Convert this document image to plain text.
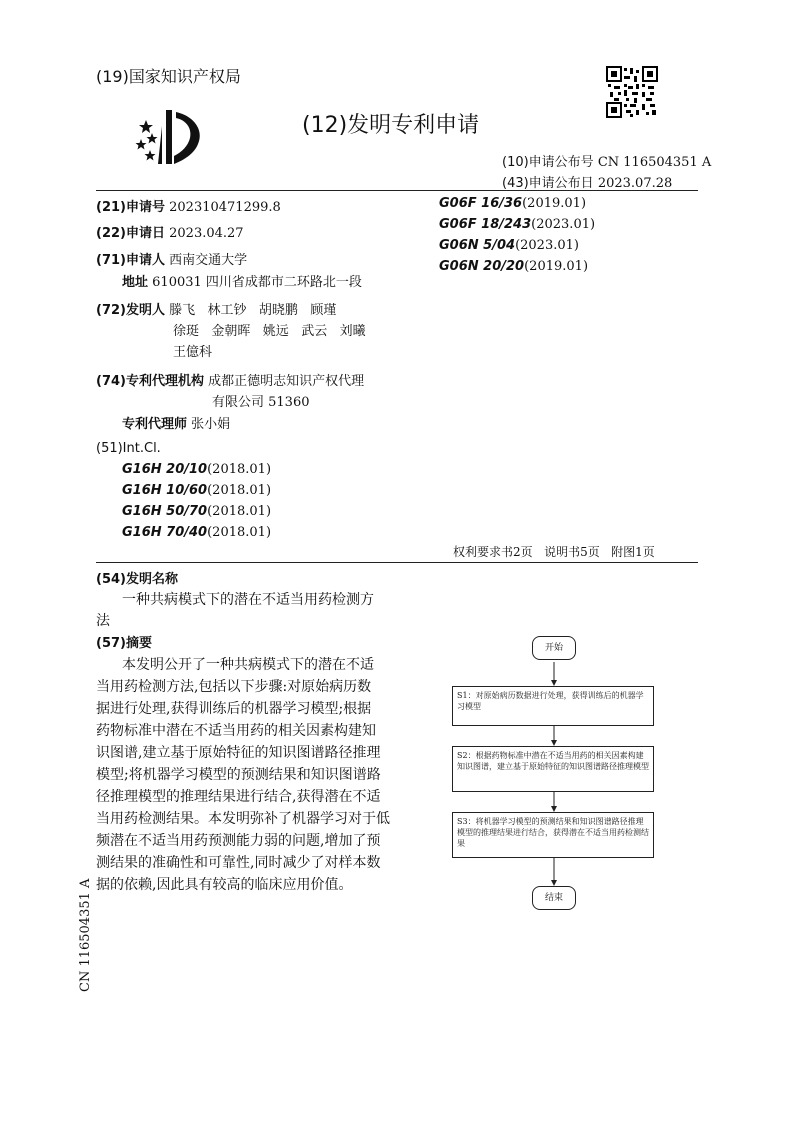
(19)国家知识产权局
(12)发明专利申请
(10)申请公布号 CN 116504351 A
(43)申请公布日 2023.07.28
(21)申请号 202310471299.8
(22)申请日 2023.04.27
(71)申请人 西南交通大学
地址 610031 四川省成都市二环路北一段
(72)发明人 滕飞   林工钞   胡晓鹏   顾瑾
徐珽   金朝晖   姚远   武云   刘曦
王億科
(74)专利代理机构 成都正德明志知识产权代理
有限公司 51360
专利代理师 张小娟
(51)Int.Cl.
G16H 20/10(2018.01)
G16H 10/60(2018.01)
G16H 50/70(2018.01)
G16H 70/40(2018.01)
G06F 16/36(2019.01)
G06F 18/243(2023.01)
G06N 5/04(2023.01)
G06N 20/20(2019.01)
权利要求书2页   说明书5页   附图1页
(54)发明名称
一种共病模式下的潜在不适当用药检测方
法
(57)摘要
本发明公开了一种共病模式下的潜在不适
当用药检测方法,包括以下步骤:对原始病历数
据进行处理,获得训练后的机器学习模型;根据
药物标准中潜在不适当用药的相关因素构建知
识图谱,建立基于原始特征的知识图谱路径推理
模型;将机器学习模型的预测结果和知识图谱路
径推理模型的推理结果进行结合,获得潜在不适
当用药检测结果。本发明弥补了机器学习对于低
频潜在不适当用药预测能力弱的问题,增加了预
测结果的准确性和可靠性,同时减少了对样本数
据的依赖,因此具有较高的临床应用价值。
开始
S1：对原始病历数据进行处理，获得训练后的机器学习模型
S2：根据药物标准中潜在不适当用药的相关因素构建知识图谱，建立基于原始特征的知识图谱路径推理模型
S3：将机器学习模型的预测结果和知识图谱路径推理模型的推理结果进行结合，获得潜在不适当用药检测结果
结束
CN 116504351 A
